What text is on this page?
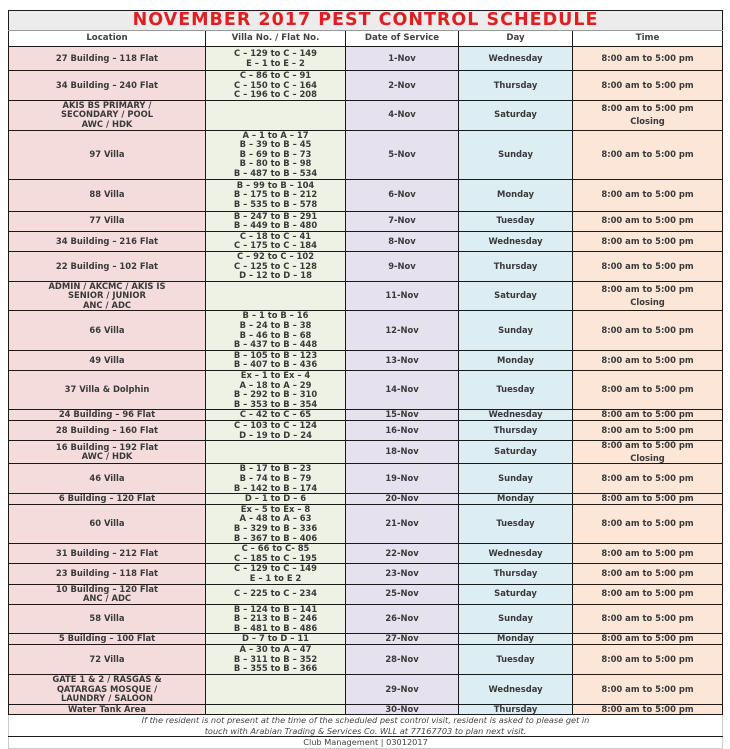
NOVEMBER 2017 PEST CONTROL SCHEDULE				
Location	Villa No. / Flat No.	Date of Service	Day	Time

27 Building – 118 Flat	C – 129 to C – 149
E – 1 to E – 2	1-Nov	Wednesday	8:00 am to 5:00 pm

34 Building – 240 Flat	C – 86 to C – 91
C – 150 to C – 164
C – 196 to C – 208	2-Nov	Thursday	8:00 am to 5:00 pm

AKIS BS PRIMARY /
SECONDARY / POOL
AWC / HDK		4-Nov	Saturday	8:00 am to 5:00 pm
Closing

97 Villa	A – 1 to A – 17
B – 39 to B – 45
B – 69 to B – 73
B – 80 to B – 98
B – 487 to B – 534	5-Nov	Sunday	8:00 am to 5:00 pm

88 Villa	B – 99 to B – 104
B – 175 to B – 212
B – 535 to B – 578	6-Nov	Monday	8:00 am to 5:00 pm

77 Villa	B – 247 to B – 291
B – 449 to B – 480	7-Nov	Tuesday	8:00 am to 5:00 pm

34 Building – 216 Flat	C – 18 to C – 41
C – 175 to C – 184	8-Nov	Wednesday	8:00 am to 5:00 pm

22 Building – 102 Flat	C – 92 to C – 102
C – 125 to C – 128
D – 12 to D – 18	9-Nov	Thursday	8:00 am to 5:00 pm

ADMIN / AKCMC / AKIS IS
SENIOR / JUNIOR
ANC / ADC		11-Nov	Saturday	8:00 am to 5:00 pm
Closing

66 Villa	B – 1 to B – 16
B – 24 to B – 38
B – 46 to B – 68
B – 437 to B – 448	12-Nov	Sunday	8:00 am to 5:00 pm

49 Villa	B – 105 to B – 123
B – 407 to B – 436	13-Nov	Monday	8:00 am to 5:00 pm

37 Villa & Dolphin	Ex – 1 to Ex – 4
A – 18 to A – 29
B – 292 to B – 310
B – 353 to B – 354	14-Nov	Tuesday	8:00 am to 5:00 pm

24 Building – 96 Flat	C – 42 to C – 65	15-Nov	Wednesday	8:00 am to 5:00 pm

28 Building – 160 Flat	C – 103 to C – 124
D – 19 to D – 24	16-Nov	Thursday	8:00 am to 5:00 pm

16 Building – 192 Flat
AWC / HDK		18-Nov	Saturday	8:00 am to 5:00 pm
Closing

46 Villa	B – 17 to B – 23
B – 74 to B – 79
B – 142 to B – 174	19-Nov	Sunday	8:00 am to 5:00 pm

6 Building – 120 Flat	D – 1 to D – 6	20-Nov	Monday	8:00 am to 5:00 pm

60 Villa	Ex – 5 to Ex – 8
A – 48 to A – 63
B – 329 to B – 336
B – 367 to B – 406	21-Nov	Tuesday	8:00 am to 5:00 pm

31 Building – 212 Flat	C – 66 to C- 85
C – 185 to C – 195	22-Nov	Wednesday	8:00 am to 5:00 pm

23 Building – 118 Flat	C – 129 to C – 149
E – 1 to E 2	23-Nov	Thursday	8:00 am to 5:00 pm

10 Building – 120 Flat
ANC / ADC	C – 225 to C – 234	25-Nov	Saturday	8:00 am to 5:00 pm

58 Villa	B – 124 to B – 141
B – 213 to B – 246
B – 481 to B – 486	26-Nov	Sunday	8:00 am to 5:00 pm

5 Building – 100 Flat	D – 7 to D – 11	27-Nov	Monday	8:00 am to 5:00 pm

72 Villa	A – 30 to A – 47
B – 311 to B – 352
B – 355 to B – 366	28-Nov	Tuesday	8:00 am to 5:00 pm

GATE 1 & 2 / RASGAS &
QATARGAS MOSQUE /
LAUNDRY / SALOON		29-Nov	Wednesday	8:00 am to 5:00 pm

Water Tank Area		30-Nov	Thursday	8:00 am to 5:00 pm

If the resident is not present at the time of the scheduled pest control visit, resident is asked to please get in
touch with Arabian Trading & Services Co. WLL at 77167703 to plan next visit.				

Club Management | 03012017				
